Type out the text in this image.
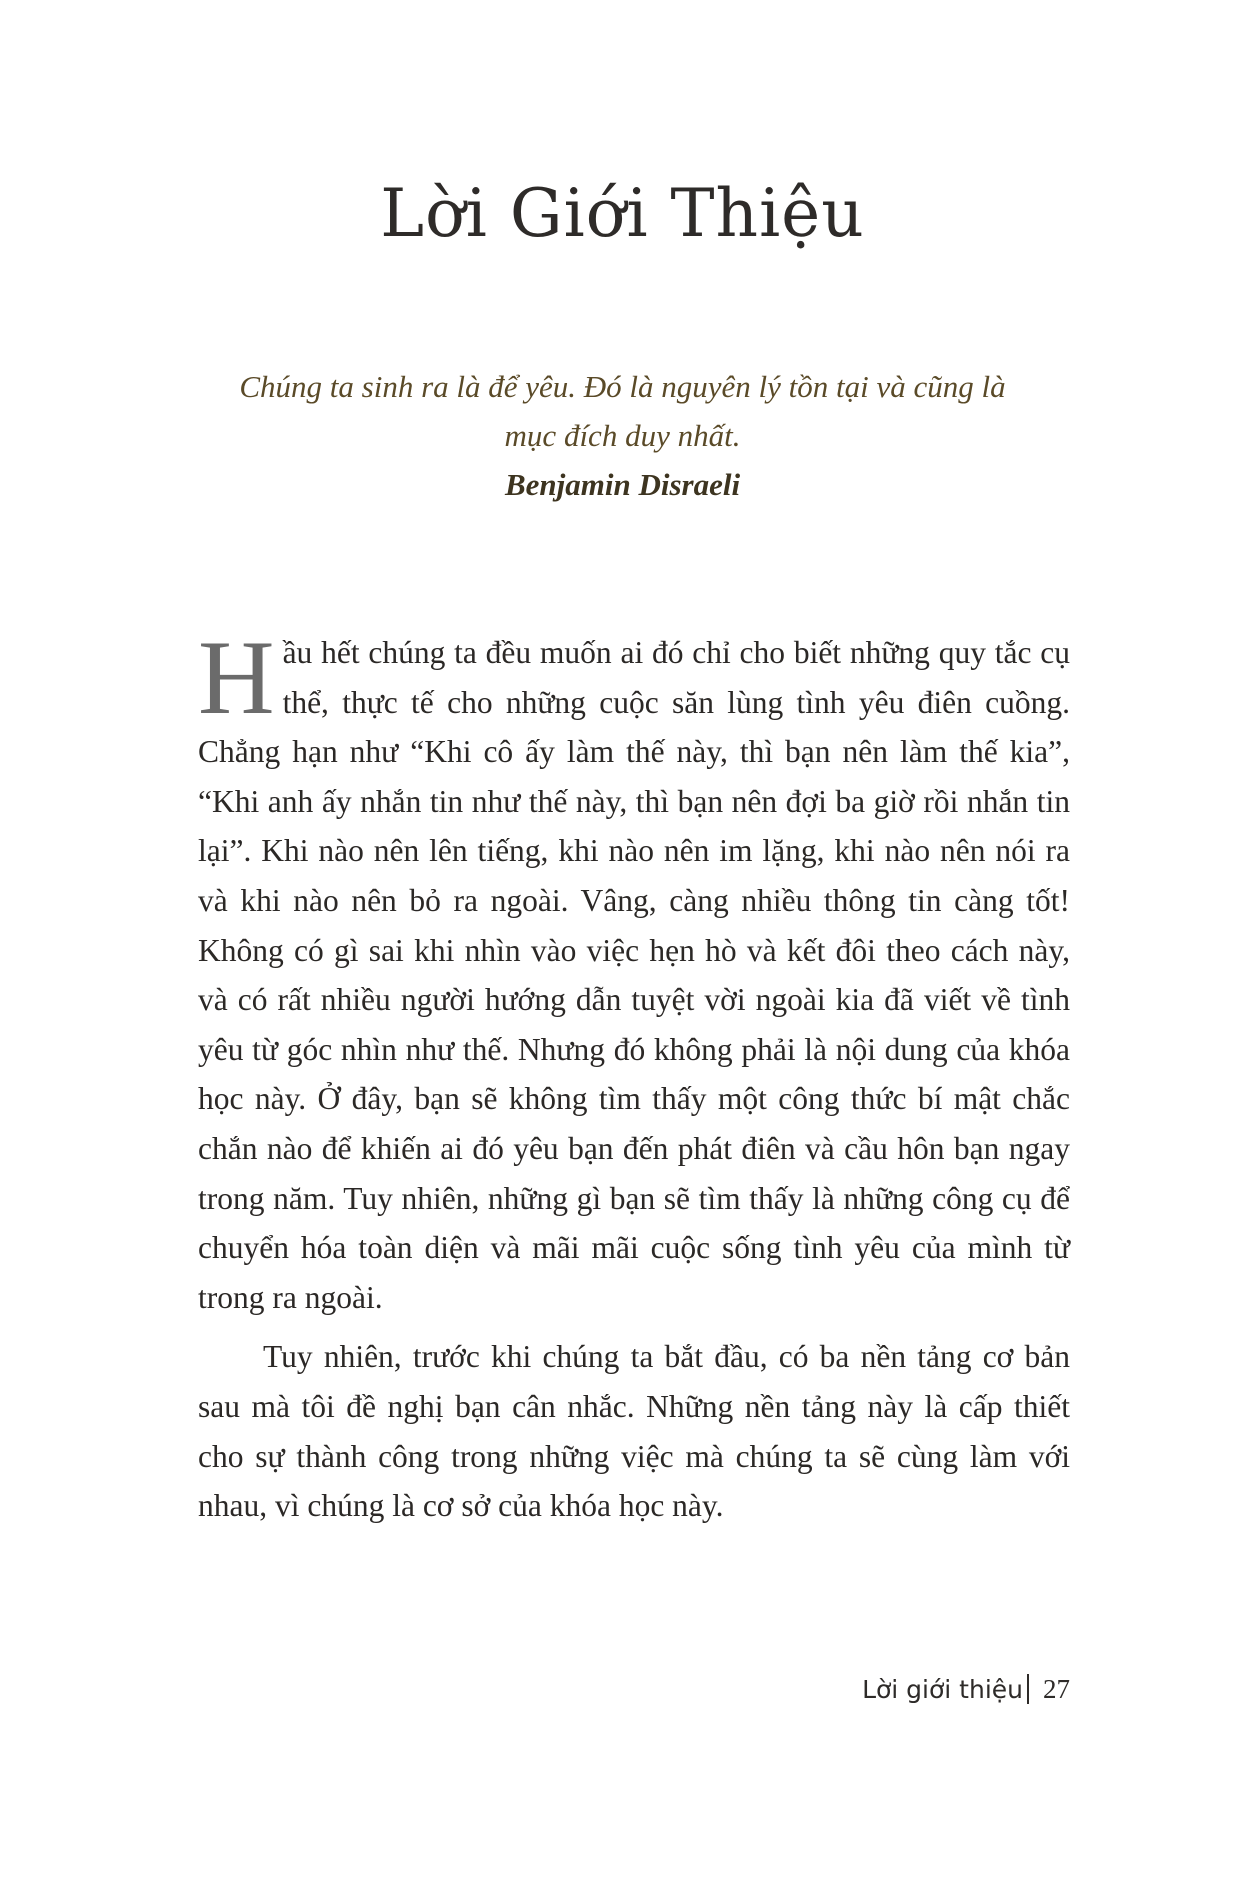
Lời Giới Thiệu
Chúng ta sinh ra là để yêu. Đó là nguyên lý tồn tại và cũng là mục đích duy nhất.
Benjamin Disraeli

Hầu hết chúng ta đều muốn ai đó chỉ cho biết những quy tắc cụ thể, thực tế cho những cuộc săn lùng tình yêu điên cuồng. Chẳng hạn như “Khi cô ấy làm thế này, thì bạn nên làm thế kia”, “Khi anh ấy nhắn tin như thế này, thì bạn nên đợi ba giờ rồi nhắn tin lại”. Khi nào nên lên tiếng, khi nào nên im lặng, khi nào nên nói ra và khi nào nên bỏ ra ngoài. Vâng, càng nhiều thông tin càng tốt! Không có gì sai khi nhìn vào việc hẹn hò và kết đôi theo cách này, và có rất nhiều người hướng dẫn tuyệt vời ngoài kia đã viết về tình yêu từ góc nhìn như thế. Nhưng đó không phải là nội dung của khóa học này. Ở đây, bạn sẽ không tìm thấy một công thức bí mật chắc chắn nào để khiến ai đó yêu bạn đến phát điên và cầu hôn bạn ngay trong năm. Tuy nhiên, những gì bạn sẽ tìm thấy là những công cụ để chuyển hóa toàn diện và mãi mãi cuộc sống tình yêu của mình từ trong ra ngoài.

Tuy nhiên, trước khi chúng ta bắt đầu, có ba nền tảng cơ bản sau mà tôi đề nghị bạn cân nhắc. Những nền tảng này là cấp thiết cho sự thành công trong những việc mà chúng ta sẽ cùng làm với nhau, vì chúng là cơ sở của khóa học này.

Lời giới thiệu 27
